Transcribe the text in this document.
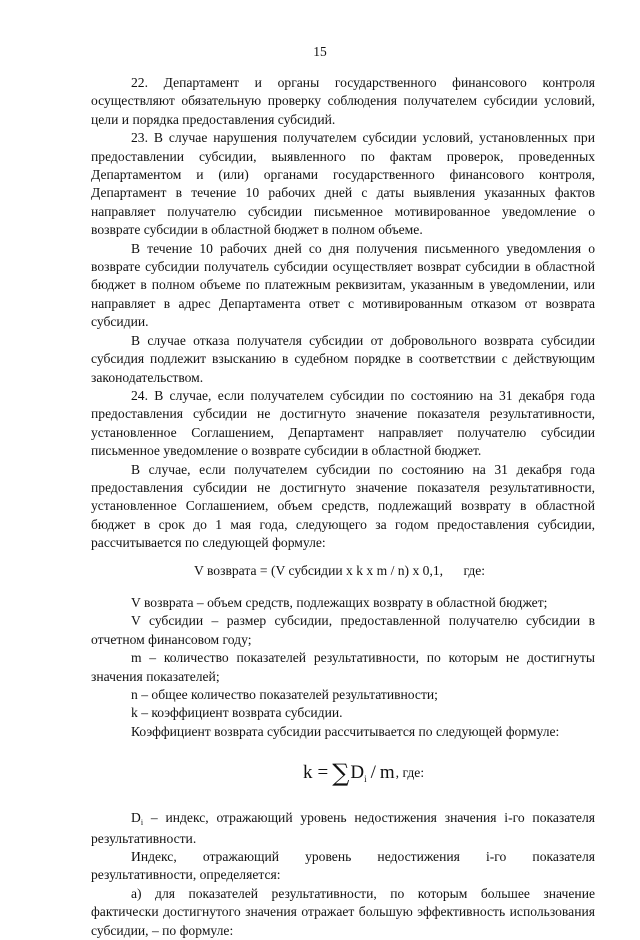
15

22. Департамент и органы государственного финансового контроля осуществляют обязательную проверку соблюдения получателем субсидии условий, цели и порядка предоставления субсидий.

23. В случае нарушения получателем субсидии условий, установленных при предоставлении субсидии, выявленного по фактам проверок, проведенных Департаментом и (или) органами государственного финансового контроля, Департамент в течение 10 рабочих дней с даты выявления указанных фактов направляет получателю субсидии письменное мотивированное уведомление о возврате субсидии в областной бюджет в полном объеме.

В течение 10 рабочих дней со дня получения письменного уведомления о возврате субсидии получатель субсидии осуществляет возврат субсидии в областной бюджет в полном объеме по платежным реквизитам, указанным в уведомлении, или направляет в адрес Департамента ответ с мотивированным отказом от возврата субсидии.

В случае отказа получателя субсидии от добровольного возврата субсидии субсидия подлежит взысканию в судебном порядке в соответствии с действующим законодательством.

24. В случае, если получателем субсидии по состоянию на 31 декабря года предоставления субсидии не достигнуто значение показателя результативности, установленное Соглашением, Департамент направляет получателю субсидии письменное уведомление о возврате субсидии в областной бюджет.

В случае, если получателем субсидии по состоянию на 31 декабря года предоставления субсидии не достигнуто значение показателя результативности, установленное Соглашением, объем средств, подлежащий возврату в областной бюджет в срок до 1 мая года, следующего за годом предоставления субсидии, рассчитывается по следующей формуле:

V возврата = (V субсидии x k x m / n) x 0,1,      где:

V возврата – объем средств, подлежащих возврату в областной бюджет;

V субсидии – размер субсидии, предоставленной получателю субсидии в отчетном финансовом году;

m – количество показателей результативности, по которым не достигнуты значения показателей;

n – общее количество показателей результативности;

k – коэффициент возврата субсидии.

Коэффициент возврата субсидии рассчитывается по следующей формуле:

k = ∑ D i / m , где:

$D_i$ – индекс, отражающий уровень недостижения значения i-го показателя результативности.

Индекс, отражающий уровень недостижения i-го показателя

результативности, определяется:

а) для показателей результативности, по которым большее значение фактически достигнутого значения отражает большую эффективность использования субсидии, – по формуле:
